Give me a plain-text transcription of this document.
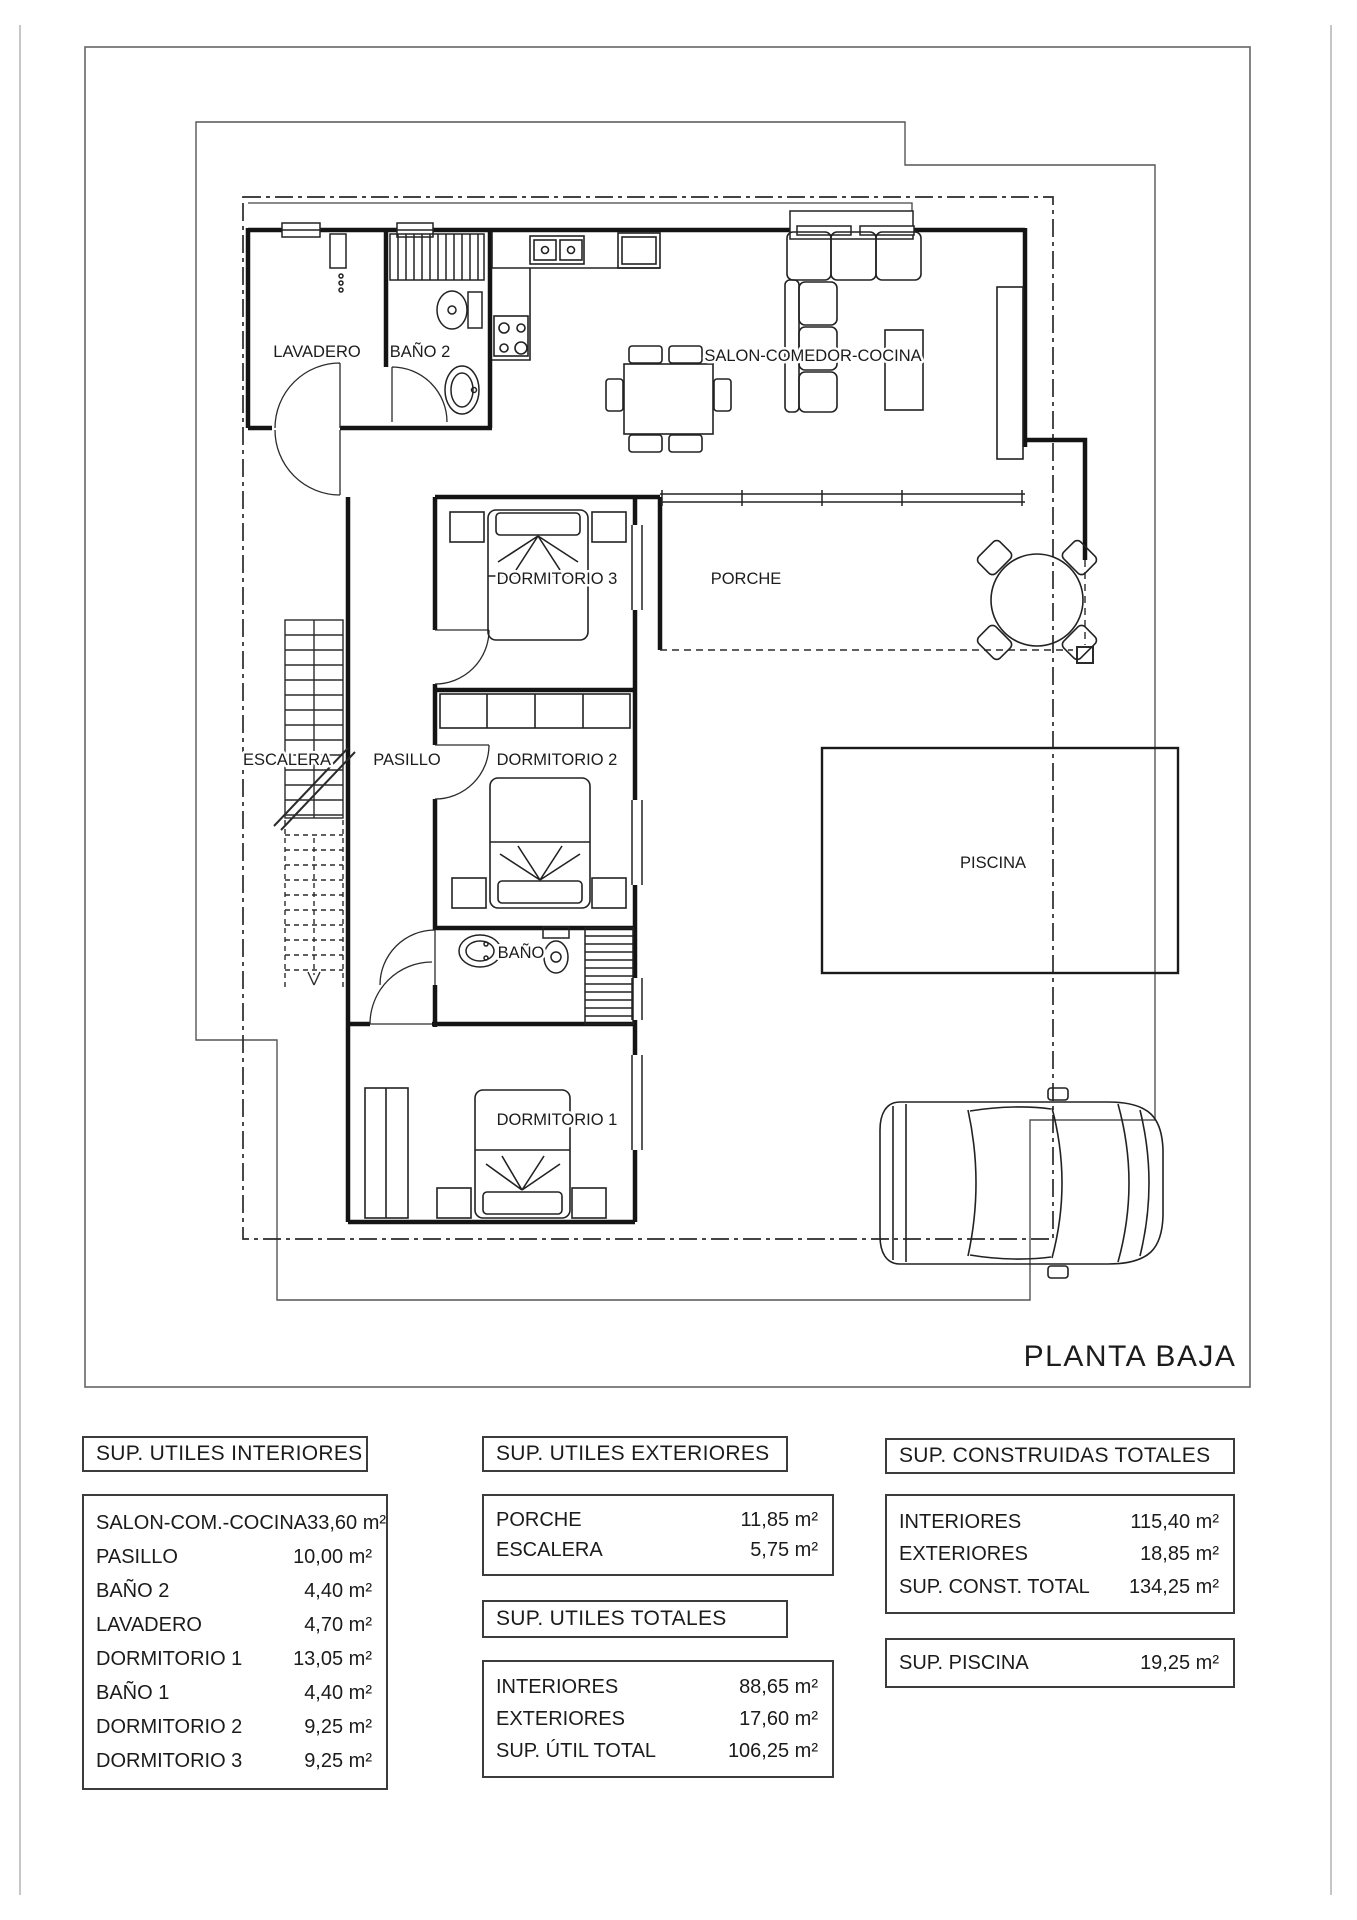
LAVADERO BAÑO 2	SALON-COMEDOR-COCINA
DORMITORIO 3	PORCHE
ESCALERA	PASILLO	DORMITORIO 2
BAÑO
DORMITORIO 1
PISCINA
PLANTA BAJA
SUP. UTILES INTERIORES
SALON-COM.-COCINA 33,60 m²
PASILLO	10,00 m²
BAÑO 2	4,40 m²
LAVADERO	4,70 m²
DORMITORIO 1	13,05 m²
BAÑO 1	4,40 m²
DORMITORIO 2	9,25 m²
DORMITORIO 3	9,25 m²
SUP. UTILES EXTERIORES
PORCHE	11,85 m²
ESCALERA	5,75 m²
SUP. UTILES TOTALES
INTERIORES	88,65 m²
EXTERIORES	17,60 m²
SUP. ÚTIL TOTAL	106,25 m²
SUP. CONSTRUIDAS TOTALES
INTERIORES	115,40 m²
EXTERIORES	18,85 m²
SUP. CONST. TOTAL 134,25 m²
SUP. PISCINA	19,25 m²
